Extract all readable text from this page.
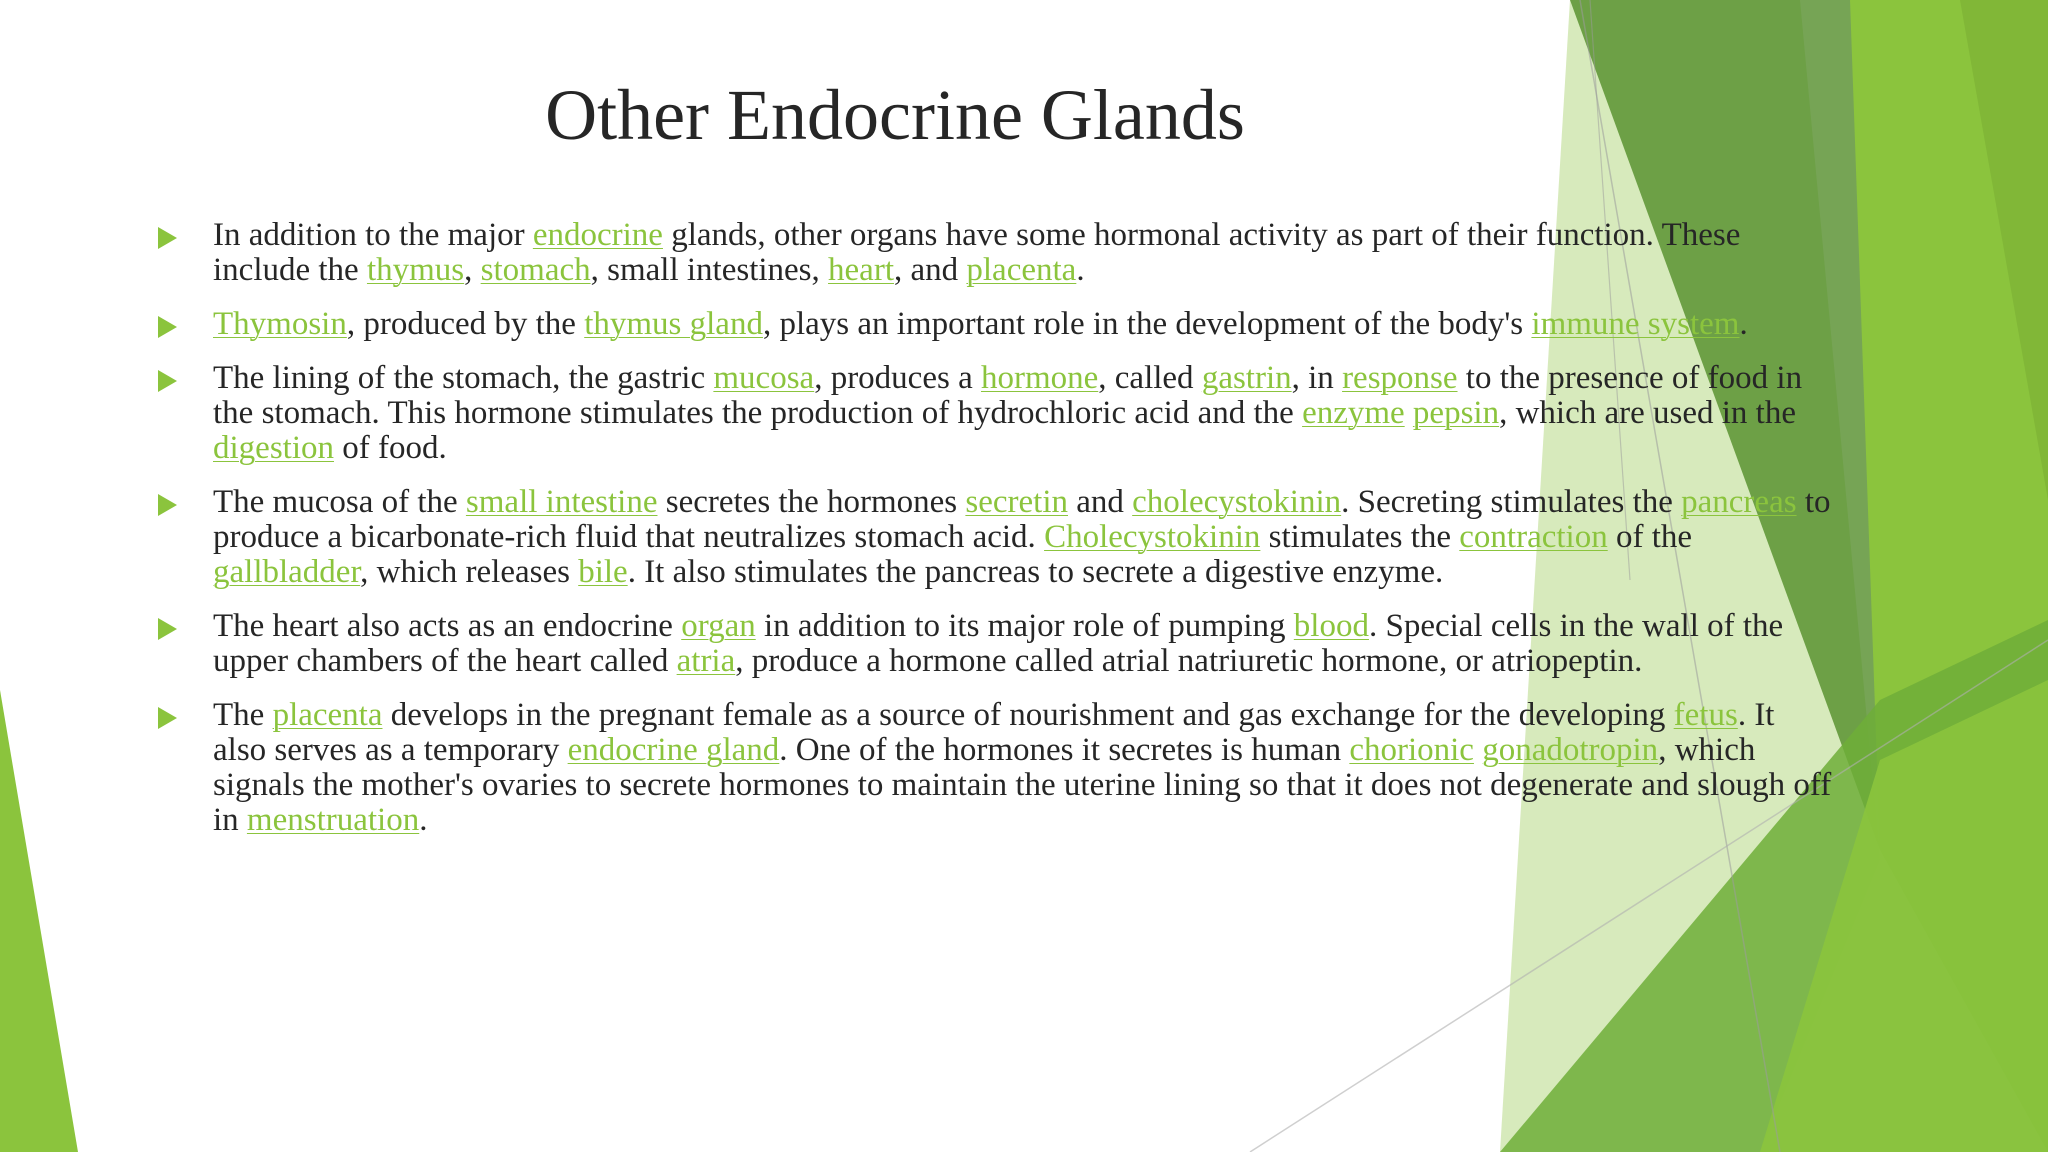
Other Endocrine Glands
In addition to the major endocrine glands, other organs have some hormonal activity as part of their function. These include the thymus, stomach, small intestines, heart, and placenta.
Thymosin, produced by the thymus gland, plays an important role in the development of the body's immune system.
The lining of the stomach, the gastric mucosa, produces a hormone, called gastrin, in response to the presence of food in the stomach. This hormone stimulates the production of hydrochloric acid and the enzyme pepsin, which are used in the digestion of food.
The mucosa of the small intestine secretes the hormones secretin and cholecystokinin. Secreting stimulates the pancreas to produce a bicarbonate-rich fluid that neutralizes stomach acid. Cholecystokinin stimulates the contraction of the gallbladder, which releases bile. It also stimulates the pancreas to secrete a digestive enzyme.
The heart also acts as an endocrine organ in addition to its major role of pumping blood. Special cells in the wall of the upper chambers of the heart called atria, produce a hormone called atrial natriuretic hormone, or atriopeptin.
The placenta develops in the pregnant female as a source of nourishment and gas exchange for the developing fetus. It also serves as a temporary endocrine gland. One of the hormones it secretes is human chorionic gonadotropin, which signals the mother's ovaries to secrete hormones to maintain the uterine lining so that it does not degenerate and slough off in menstruation.
